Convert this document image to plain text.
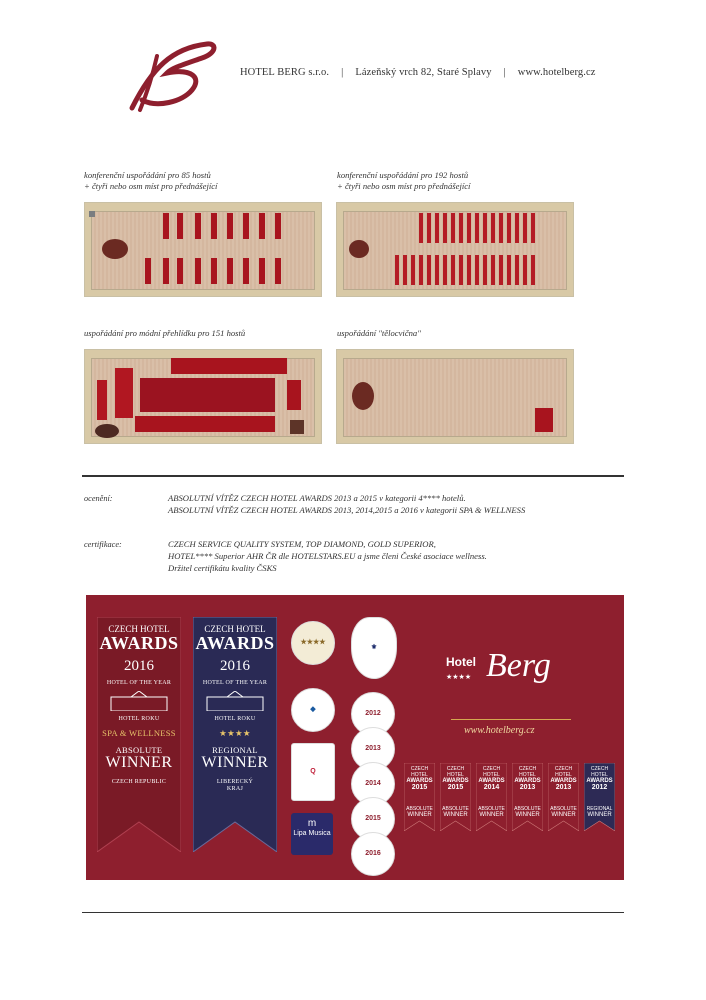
HOTEL BERG s.r.o. | Lázeňský vrch 82, Staré Splavy | www.hotelberg.cz
konferenční uspořádání pro 85 hostů
+ čtyři nebo osm míst pro přednášející
konferenční uspořádání pro 192 hostů
+ čtyři nebo osm míst pro přednášející
uspořádání pro módní přehlídku pro 151 hostů	uspořádání "tělocvična"
ocenění:	ABSOLUTNÍ VÍTĚZ CZECH HOTEL AWARDS 2013 a 2015 v kategorii 4**** hotelů.
ABSOLUTNÍ VÍTĚZ CZECH HOTEL AWARDS 2013, 2014,2015 a 2016 v kategorii SPA & WELLNESS
certifikace:	CZECH SERVICE QUALITY SYSTEM, TOP DIAMOND, GOLD SUPERIOR,
HOTEL**** Superior AHR ČR dle HOTELSTARS.EU a jsme členi České asociace wellness.
Držitel certifikátu kvality ČSKS
CZECH HOTEL
AWARDS
2016
HOTEL OF THE YEAR
HOTEL ROKU
SPA & WELLNESS
ABSOLUTE
WINNER
CZECH REPUBLIC
CZECH HOTEL
AWARDS
2016
HOTEL OF THE YEAR
HOTEL ROKU
★★★★
REGIONAL
WINNER
LIBERECKÝ
KRAJ
★★★★
◆
Q
m
Lipa Musica
⚜
2012
2013
2014
2015
2016
Hotel
★★★★ Berg
www.hotelberg.cz
CZECH HOTEL
AWARDS
2015
ABSOLUTE
WINNER
CZECH HOTEL
AWARDS
2015
ABSOLUTE
WINNER
CZECH HOTEL
AWARDS
2014
ABSOLUTE
WINNER
CZECH HOTEL
AWARDS
2013
ABSOLUTE
WINNER
CZECH HOTEL
AWARDS
2013
ABSOLUTE
WINNER
CZECH HOTEL
AWARDS
2012
REGIONAL
WINNER
